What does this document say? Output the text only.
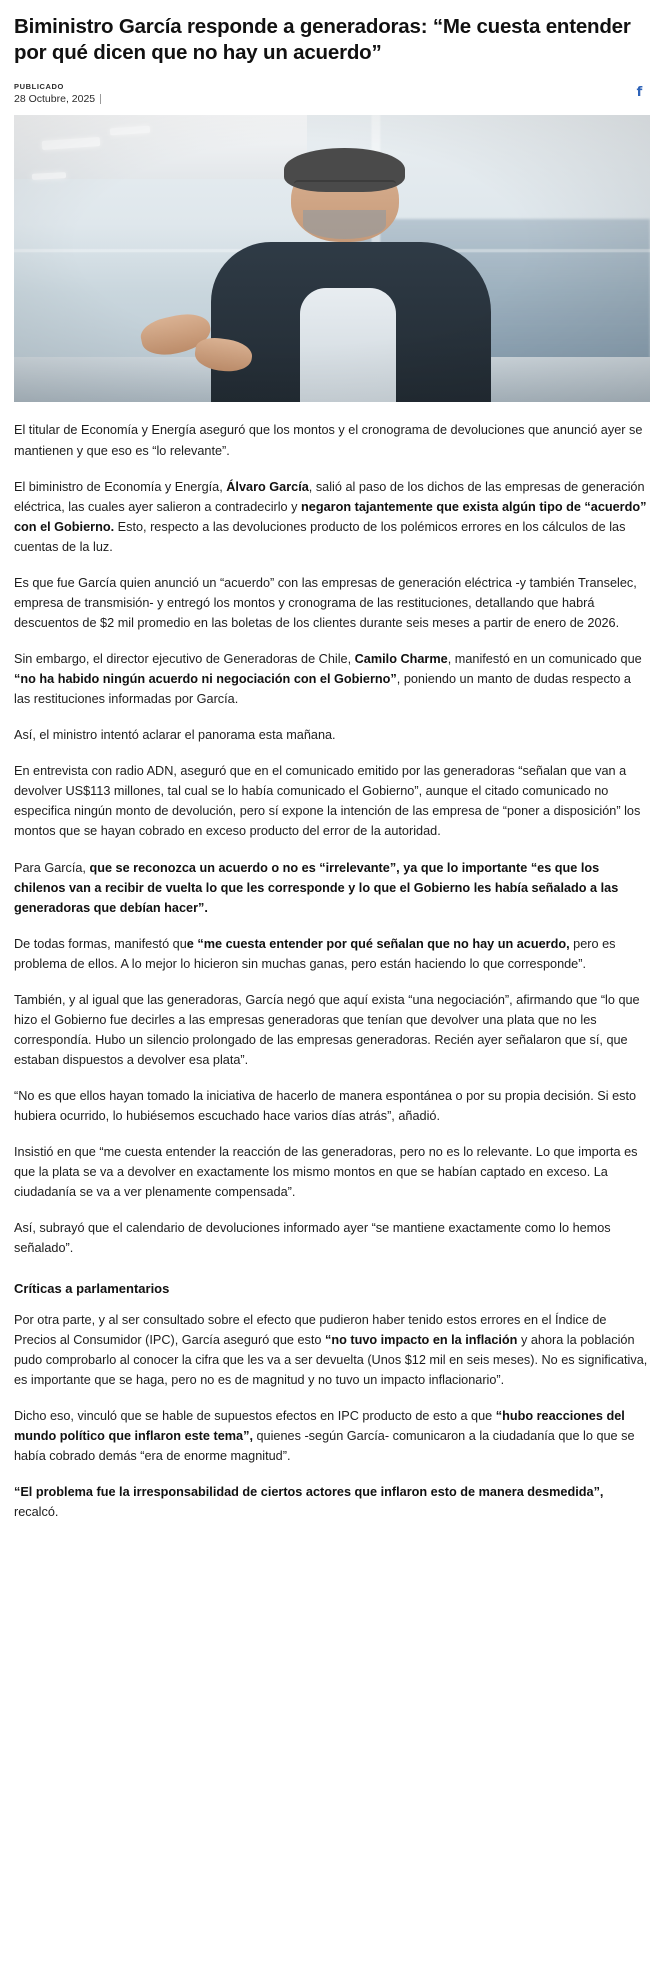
Biministro García responde a generadoras: “Me cuesta entender por qué dicen que no hay un acuerdo”
PUBLICADO
28 Octubre, 2025	f

El titular de Economía y Energía aseguró que los montos y el cronograma de devoluciones que anunció ayer se mantienen y que eso es “lo relevante”.

El biministro de Economía y Energía, Álvaro García, salió al paso de los dichos de las empresas de generación eléctrica, las cuales ayer salieron a contradecirlo y negaron tajantemente que exista algún tipo de “acuerdo” con el Gobierno. Esto, respecto a las devoluciones producto de los polémicos errores en los cálculos de las cuentas de la luz.

Es que fue García quien anunció un “acuerdo” con las empresas de generación eléctrica -y también Transelec, empresa de transmisión- y entregó los montos y cronograma de las restituciones, detallando que habrá descuentos de $2 mil promedio en las boletas de los clientes durante seis meses a partir de enero de 2026.

Sin embargo, el director ejecutivo de Generadoras de Chile, Camilo Charme, manifestó en un comunicado que “no ha habido ningún acuerdo ni negociación con el Gobierno”, poniendo un manto de dudas respecto a las restituciones informadas por García.

Así, el ministro intentó aclarar el panorama esta mañana.

En entrevista con radio ADN, aseguró que en el comunicado emitido por las generadoras “señalan que van a devolver US$113 millones, tal cual se lo había comunicado el Gobierno”, aunque el citado comunicado no especifica ningún monto de devolución, pero sí expone la intención de las empresa de “poner a disposición” los montos que se hayan cobrado en exceso producto del error de la autoridad.

Para García, que se reconozca un acuerdo o no es “irrelevante”, ya que lo importante “es que los chilenos van a recibir de vuelta lo que les corresponde y lo que el Gobierno les había señalado a las generadoras que debían hacer”.

De todas formas, manifestó que “me cuesta entender por qué señalan que no hay un acuerdo, pero es problema de ellos. A lo mejor lo hicieron sin muchas ganas, pero están haciendo lo que corresponde”.

También, y al igual que las generadoras, García negó que aquí exista “una negociación”, afirmando que “lo que hizo el Gobierno fue decirles a las empresas generadoras que tenían que devolver una plata que no les correspondía. Hubo un silencio prolongado de las empresas generadoras. Recién ayer señalaron que sí, que estaban dispuestos a devolver esa plata”.

“No es que ellos hayan tomado la iniciativa de hacerlo de manera espontánea o por su propia decisión. Si esto hubiera ocurrido, lo hubiésemos escuchado hace varios días atrás”, añadió.

Insistió en que “me cuesta entender la reacción de las generadoras, pero no es lo relevante. Lo que importa es que la plata se va a devolver en exactamente los mismo montos en que se habían captado en exceso. La ciudadanía se va a ver plenamente compensada”.

Así, subrayó que el calendario de devoluciones informado ayer “se mantiene exactamente como lo hemos señalado”.

Críticas a parlamentarios

Por otra parte, y al ser consultado sobre el efecto que pudieron haber tenido estos errores en el Índice de Precios al Consumidor (IPC), García aseguró que esto “no tuvo impacto en la inflación y ahora la población pudo comprobarlo al conocer la cifra que les va a ser devuelta (Unos $12 mil en seis meses). No es significativa, es importante que se haga, pero no es de magnitud y no tuvo un impacto inflacionario”.

Dicho eso, vinculó que se hable de supuestos efectos en IPC producto de esto a que “hubo reacciones del mundo político que inflaron este tema”, quienes -según García- comunicaron a la ciudadanía que lo que se había cobrado demás “era de enorme magnitud”.

“El problema fue la irresponsabilidad de ciertos actores que inflaron esto de manera desmedida”, recalcó.
